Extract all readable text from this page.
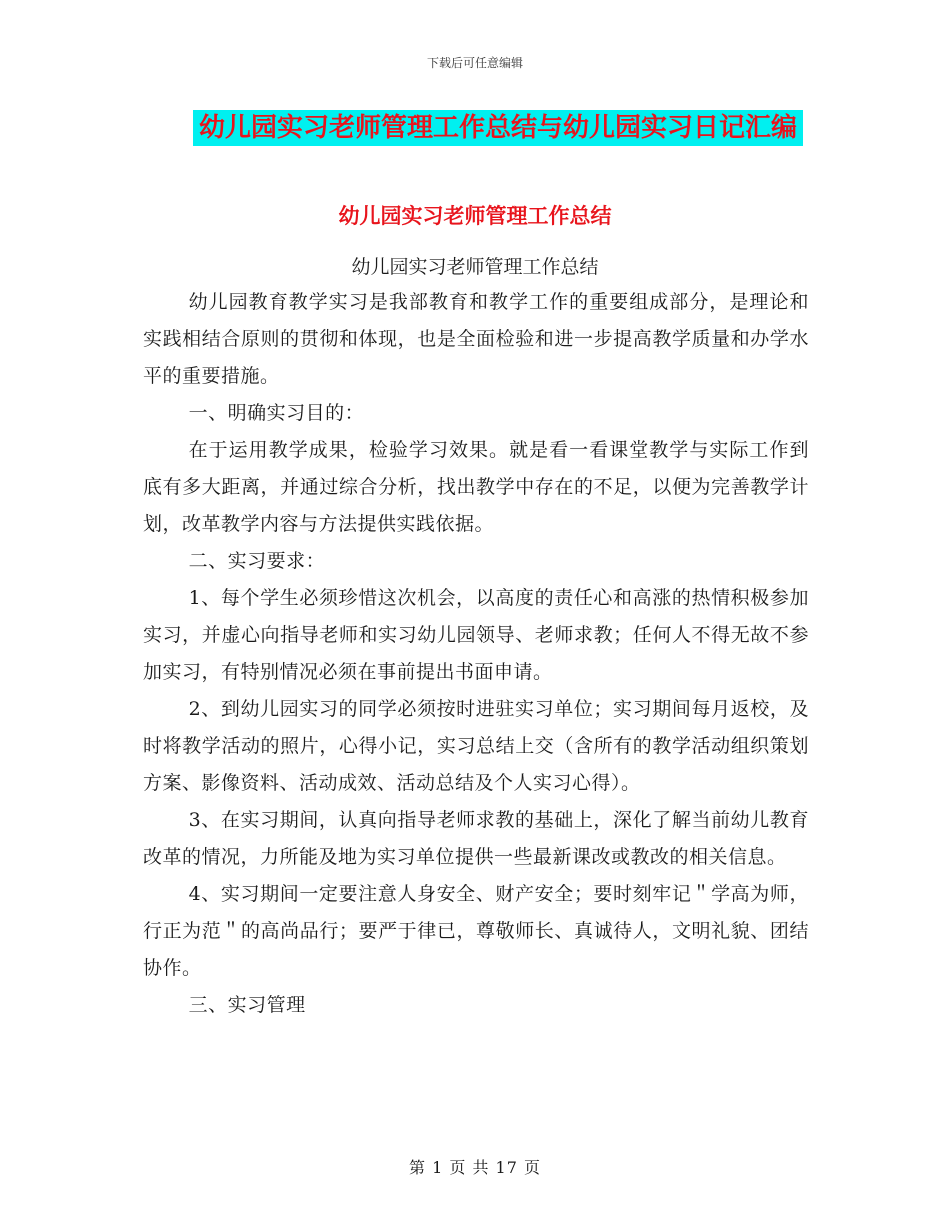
下载后可任意编辑
幼儿园实习老师管理工作总结与幼儿园实习日记汇编
幼儿园实习老师管理工作总结
幼儿园实习老师管理工作总结

幼儿园教育教学实习是我部教育和教学工作的重要组成部分，是理论和实践相结合原则的贯彻和体现，也是全面检验和进一步提高教学质量和办学水平的重要措施。

一、明确实习目的：

在于运用教学成果，检验学习效果。就是看一看课堂教学与实际工作到底有多大距离，并通过综合分析，找出教学中存在的不足，以便为完善教学计划，改革教学内容与方法提供实践依据。

二、实习要求：

1、每个学生必须珍惜这次机会，以高度的责任心和高涨的热情积极参加实习，并虚心向指导老师和实习幼儿园领导、老师求教；任何人不得无故不参加实习，有特别情况必须在事前提出书面申请。

2、到幼儿园实习的同学必须按时进驻实习单位；实习期间每月返校，及时将教学活动的照片，心得小记，实习总结上交（含所有的教学活动组织策划方案、影像资料、活动成效、活动总结及个人实习心得）。

3、在实习期间，认真向指导老师求教的基础上，深化了解当前幼儿教育改革的情况，力所能及地为实习单位提供一些最新课改或教改的相关信息。

4、实习期间一定要注意人身安全、财产安全；要时刻牢记＂学高为师，行正为范＂的高尚品行；要严于律已，尊敬师长、真诚待人，文明礼貌、团结协作。

三、实习管理

第 1 页 共 17 页
